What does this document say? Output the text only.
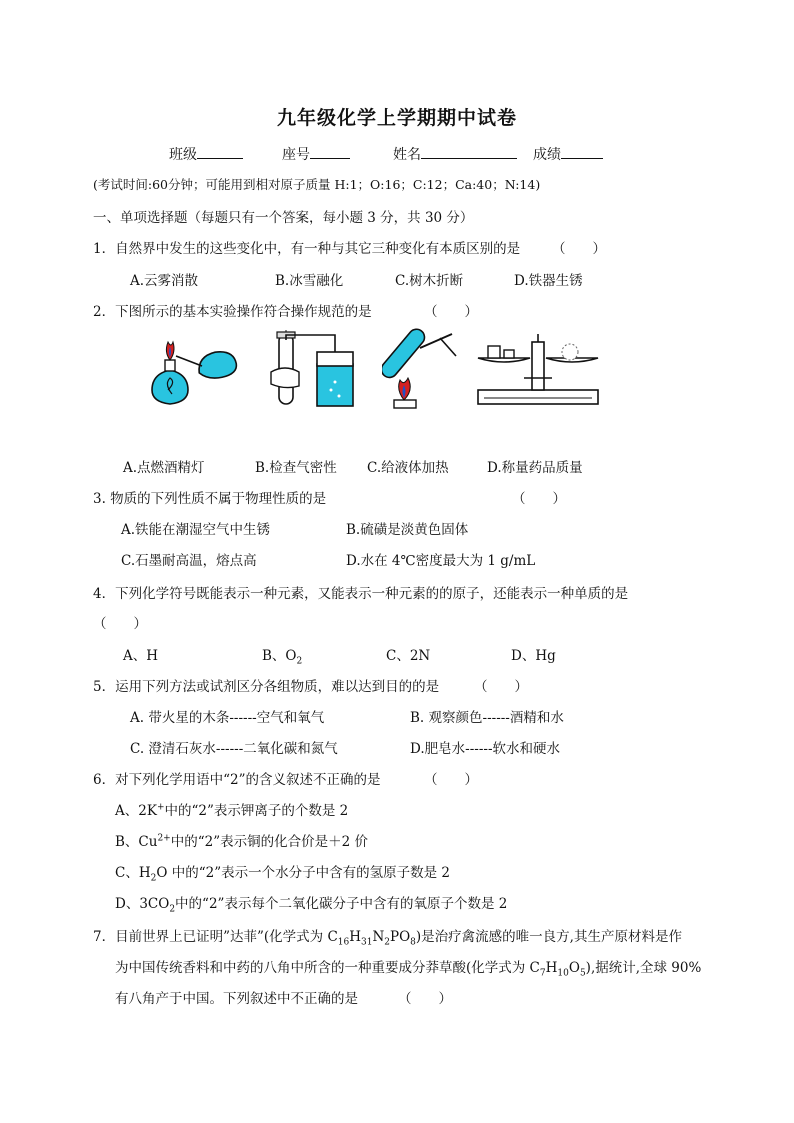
九年级化学上学期期中试卷
班级	座号	姓名	成绩
(考试时间:60分钟；可能用到相对原子质量 H:1；O:16；C:12；Ca:40；N:14)
一、单项选择题（每题只有一个答案，每小题 3 分，共 30 分）
1．自然界中发生的这些变化中，有一种与其它三种变化有本质区别的是 （　　）
A.云雾消散	B.冰雪融化	C.树木折断	D.铁器生锈
2．下图所示的基本实验操作符合操作规范的是	（　　）
A.点燃酒精灯	B.检查气密性 C.给液体加热	D.称量药品质量
3. 物质的下列性质不属于物理性质的是	（　　）
A.铁能在潮湿空气中生锈	B.硫磺是淡黄色固体
C.石墨耐高温，熔点高	D.水在 4℃密度最大为 1 g/mL
4．下列化学符号既能表示一种元素，又能表示一种元素的的原子，还能表示一种单质的是
（　　）
A、H	B、$O_2$	C、2N	D、Hg
5．运用下列方法或试剂区分各组物质，难以达到目的的是	（　　）
A. 带火星的木条------空气和氧气	B. 观察颜色------酒精和水
C. 澄清石灰水------二氧化碳和氮气	D.肥皂水------软水和硬水
6．对下列化学用语中“2”的含义叙述不正确的是	（　　）
A、2K+中的“2”表示钾离子的个数是 2
B、$Cu^{2+}$中的“2”表示铜的化合价是＋2 价
C、$H_2O$ 中的“2”表示一个水分子中含有的氢原子数是 2
D、$3CO_2$中的“2”表示每个二氧化碳分子中含有的氧原子个数是 2
7．目前世界上已证明”达菲”(化学式为 $C_{16}H_{31}N_2PO_8$)是治疗禽流感的唯一良方,其生产原材料是作
为中国传统香料和中药的八角中所含的一种重要成分莽草酸(化学式为 $C_7H_{10}O_5$),据统计,全球 90%
有八角产于中国。下列叙述中不正确的是	（　　）
